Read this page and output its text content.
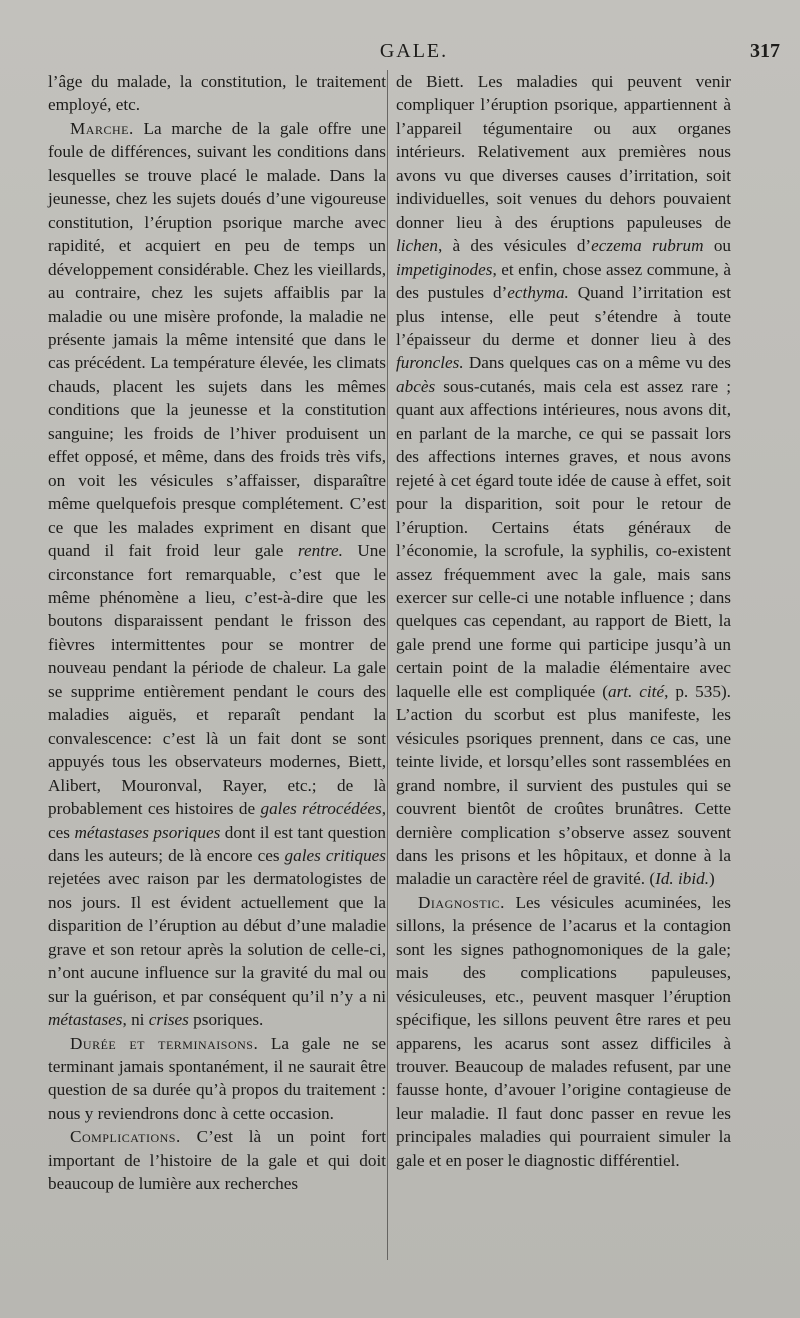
GALE.	317

l’âge du malade, la constitution, le traitement employé, etc.

Marche. La marche de la gale offre une foule de différences, suivant les conditions dans lesquelles se trouve placé le malade. Dans la jeunesse, chez les sujets doués d’une vigoureuse constitution, l’éruption psorique marche avec rapidité, et acquiert en peu de temps un développement considérable. Chez les vieillards, au contraire, chez les sujets affaiblis par la maladie ou une misère profonde, la maladie ne présente jamais la même intensité que dans le cas précédent. La température élevée, les climats chauds, placent les sujets dans les mêmes conditions que la jeunesse et la constitution sanguine; les froids de l’hiver produisent un effet opposé, et même, dans des froids très vifs, on voit les vésicules s’affaisser, disparaître même quelquefois presque complétement. C’est ce que les malades expriment en disant que quand il fait froid leur gale rentre. Une circonstance fort remarquable, c’est que le même phénomène a lieu, c’est-à-dire que les boutons disparaissent pendant le frisson des fièvres intermittentes pour se montrer de nouveau pendant la période de chaleur. La gale se supprime entièrement pendant le cours des maladies aiguës, et reparaît pendant la convalescence: c’est là un fait dont se sont appuyés tous les observateurs modernes, Biett, Alibert, Mouronval, Rayer, etc.; de là probablement ces histoires de gales rétrocédées, ces métastases psoriques dont il est tant question dans les auteurs; de là encore ces gales critiques rejetées avec raison par les dermatologistes de nos jours. Il est évident actuellement que la disparition de l’éruption au début d’une maladie grave et son retour après la solution de celle-ci, n’ont aucune influence sur la gravité du mal ou sur la guérison, et par conséquent qu’il n’y a ni métastases, ni crises psoriques.

Durée et terminaisons. La gale ne se terminant jamais spontanément, il ne saurait être question de sa durée qu’à propos du traitement : nous y reviendrons donc à cette occasion.

Complications. C’est là un point fort important de l’histoire de la gale et qui doit beaucoup de lumière aux recherches

de Biett. Les maladies qui peuvent venir compliquer l’éruption psorique, appartiennent à l’appareil tégumentaire ou aux organes intérieurs. Relativement aux premières nous avons vu que diverses causes d’irritation, soit individuelles, soit venues du dehors pouvaient donner lieu à des éruptions papuleuses de lichen, à des vésicules d’eczema rubrum ou impetiginodes, et enfin, chose assez commune, à des pustules d’ecthyma. Quand l’irritation est plus intense, elle peut s’étendre à toute l’épaisseur du derme et donner lieu à des furoncles. Dans quelques cas on a même vu des abcès sous-cutanés, mais cela est assez rare ; quant aux affections intérieures, nous avons dit, en parlant de la marche, ce qui se passait lors des affections internes graves, et nous avons rejeté à cet égard toute idée de cause à effet, soit pour la disparition, soit pour le retour de l’éruption. Certains états généraux de l’économie, la scrofule, la syphilis, co-existent assez fréquemment avec la gale, mais sans exercer sur celle-ci une notable influence ; dans quelques cas cependant, au rapport de Biett, la gale prend une forme qui participe jusqu’à un certain point de la maladie élémentaire avec laquelle elle est compliquée (art. cité, p. 535). L’action du scorbut est plus manifeste, les vésicules psoriques prennent, dans ce cas, une teinte livide, et lorsqu’elles sont rassemblées en grand nombre, il survient des pustules qui se couvrent bientôt de croûtes brunâtres. Cette dernière complication s’observe assez souvent dans les prisons et les hôpitaux, et donne à la maladie un caractère réel de gravité. (Id. ibid.)

Diagnostic. Les vésicules acuminées, les sillons, la présence de l’acarus et la contagion sont les signes pathognomoniques de la gale; mais des complications papuleuses, vésiculeuses, etc., peuvent masquer l’éruption spécifique, les sillons peuvent être rares et peu apparens, les acarus sont assez difficiles à trouver. Beaucoup de malades refusent, par une fausse honte, d’avouer l’origine contagieuse de leur maladie. Il faut donc passer en revue les principales maladies qui pourraient simuler la gale et en poser le diagnostic différentiel.
